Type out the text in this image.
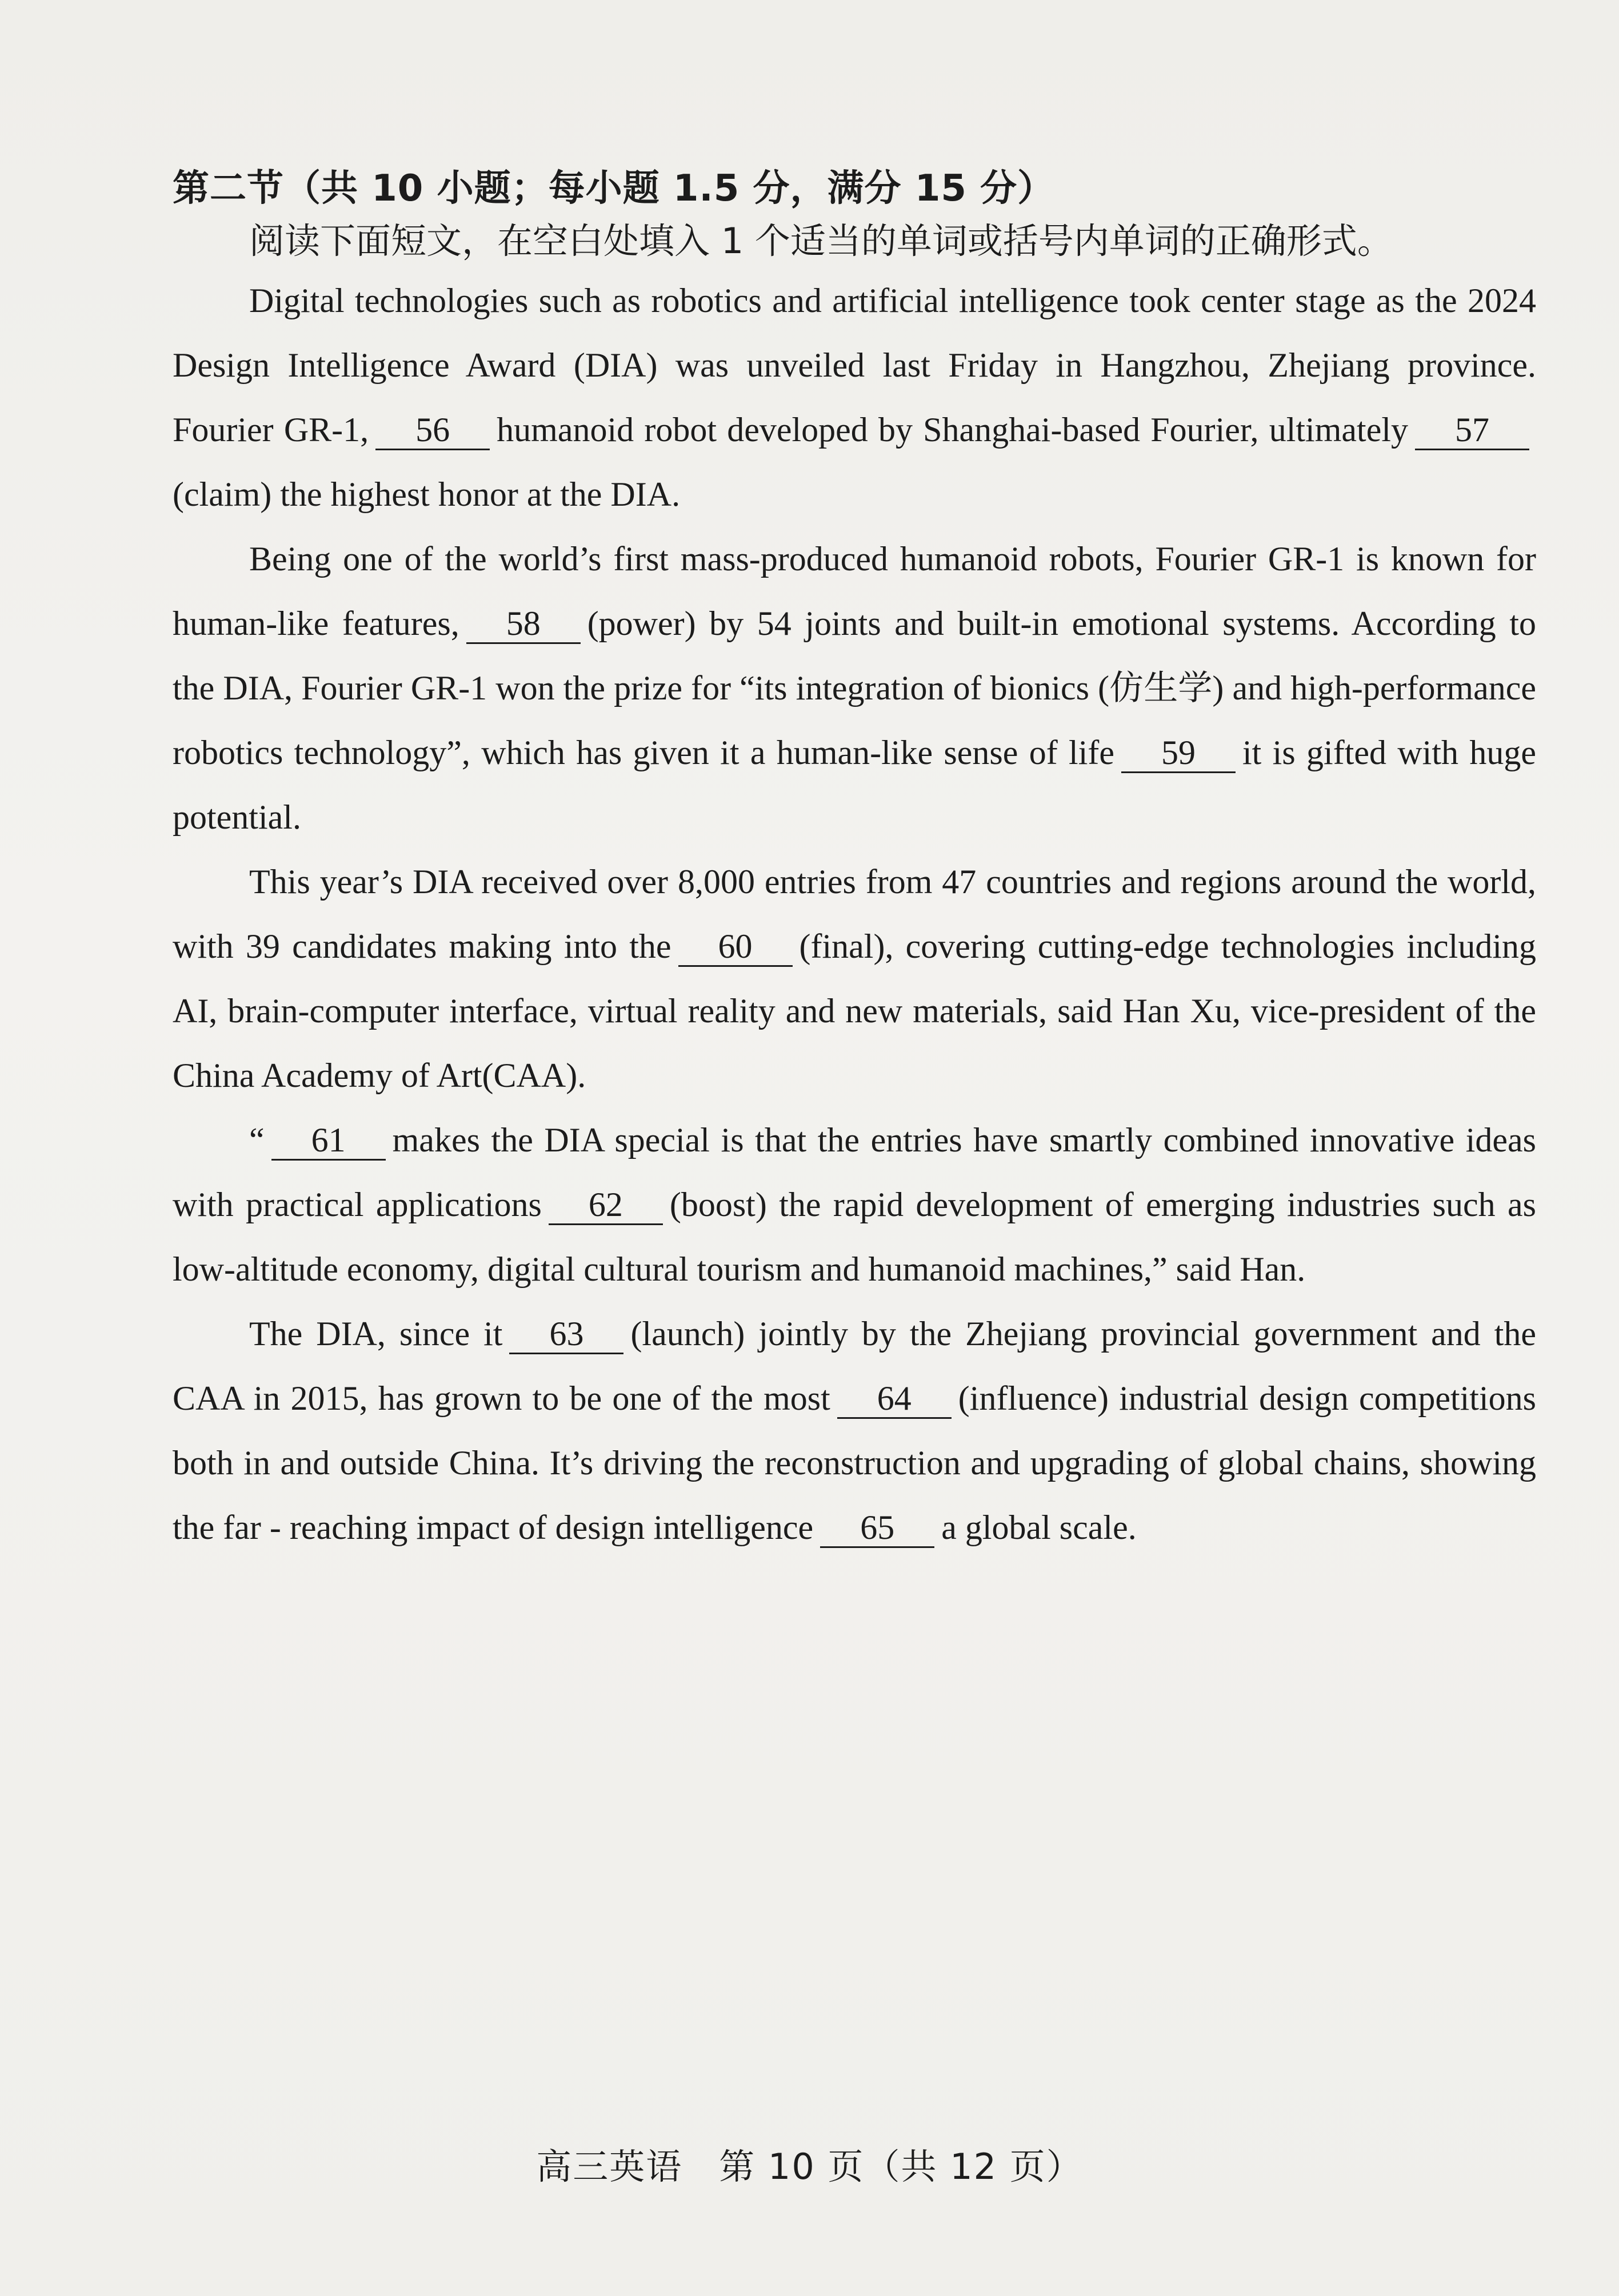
第二节（共 10 小题；每小题 1.5 分，满分 15 分）
阅读下面短文，在空白处填入 1 个适当的单词或括号内单词的正确形式。

Digital technologies such as robotics and artificial intelligence took center stage as the 2024 Design Intelligence Award (DIA) was unveiled last Friday in Hangzhou, Zhejiang province. Fourier GR-1, 56 humanoid robot developed by Shanghai-based Fourier, ultimately 57(claim) the highest honor at the DIA.

Being one of the world’s first mass-produced humanoid robots, Fourier GR-1 is known for human-like features, 58 (power) by 54 joints and built-in emotional systems. According to the DIA, Fourier GR-1 won the prize for “its integration of bionics (仿生学) and high-performance robotics technology”, which has given it a human-like sense of life 59 it is gifted with huge potential.

This year’s DIA received over 8,000 entries from 47 countries and regions around the world, with 39 candidates making into the 60 (final), covering cutting-edge technologies including AI, brain-computer interface, virtual reality and new materials, said Han Xu, vice-president of the China Academy of Art(CAA).

“ 61 makes the DIA special is that the entries have smartly combined innovative ideas with practical applications 62 (boost) the rapid development of emerging industries such as low-altitude economy, digital cultural tourism and humanoid machines,” said Han.

The DIA, since it 63 (launch) jointly by the Zhejiang provincial government and the CAA in 2015, has grown to be one of the most 64 (influence) industrial design competitions both in and outside China. It’s driving the reconstruction and upgrading of global chains, showing the far - reaching impact of design intelligence 65 a global scale.

高三英语　第 10 页（共 12 页）
